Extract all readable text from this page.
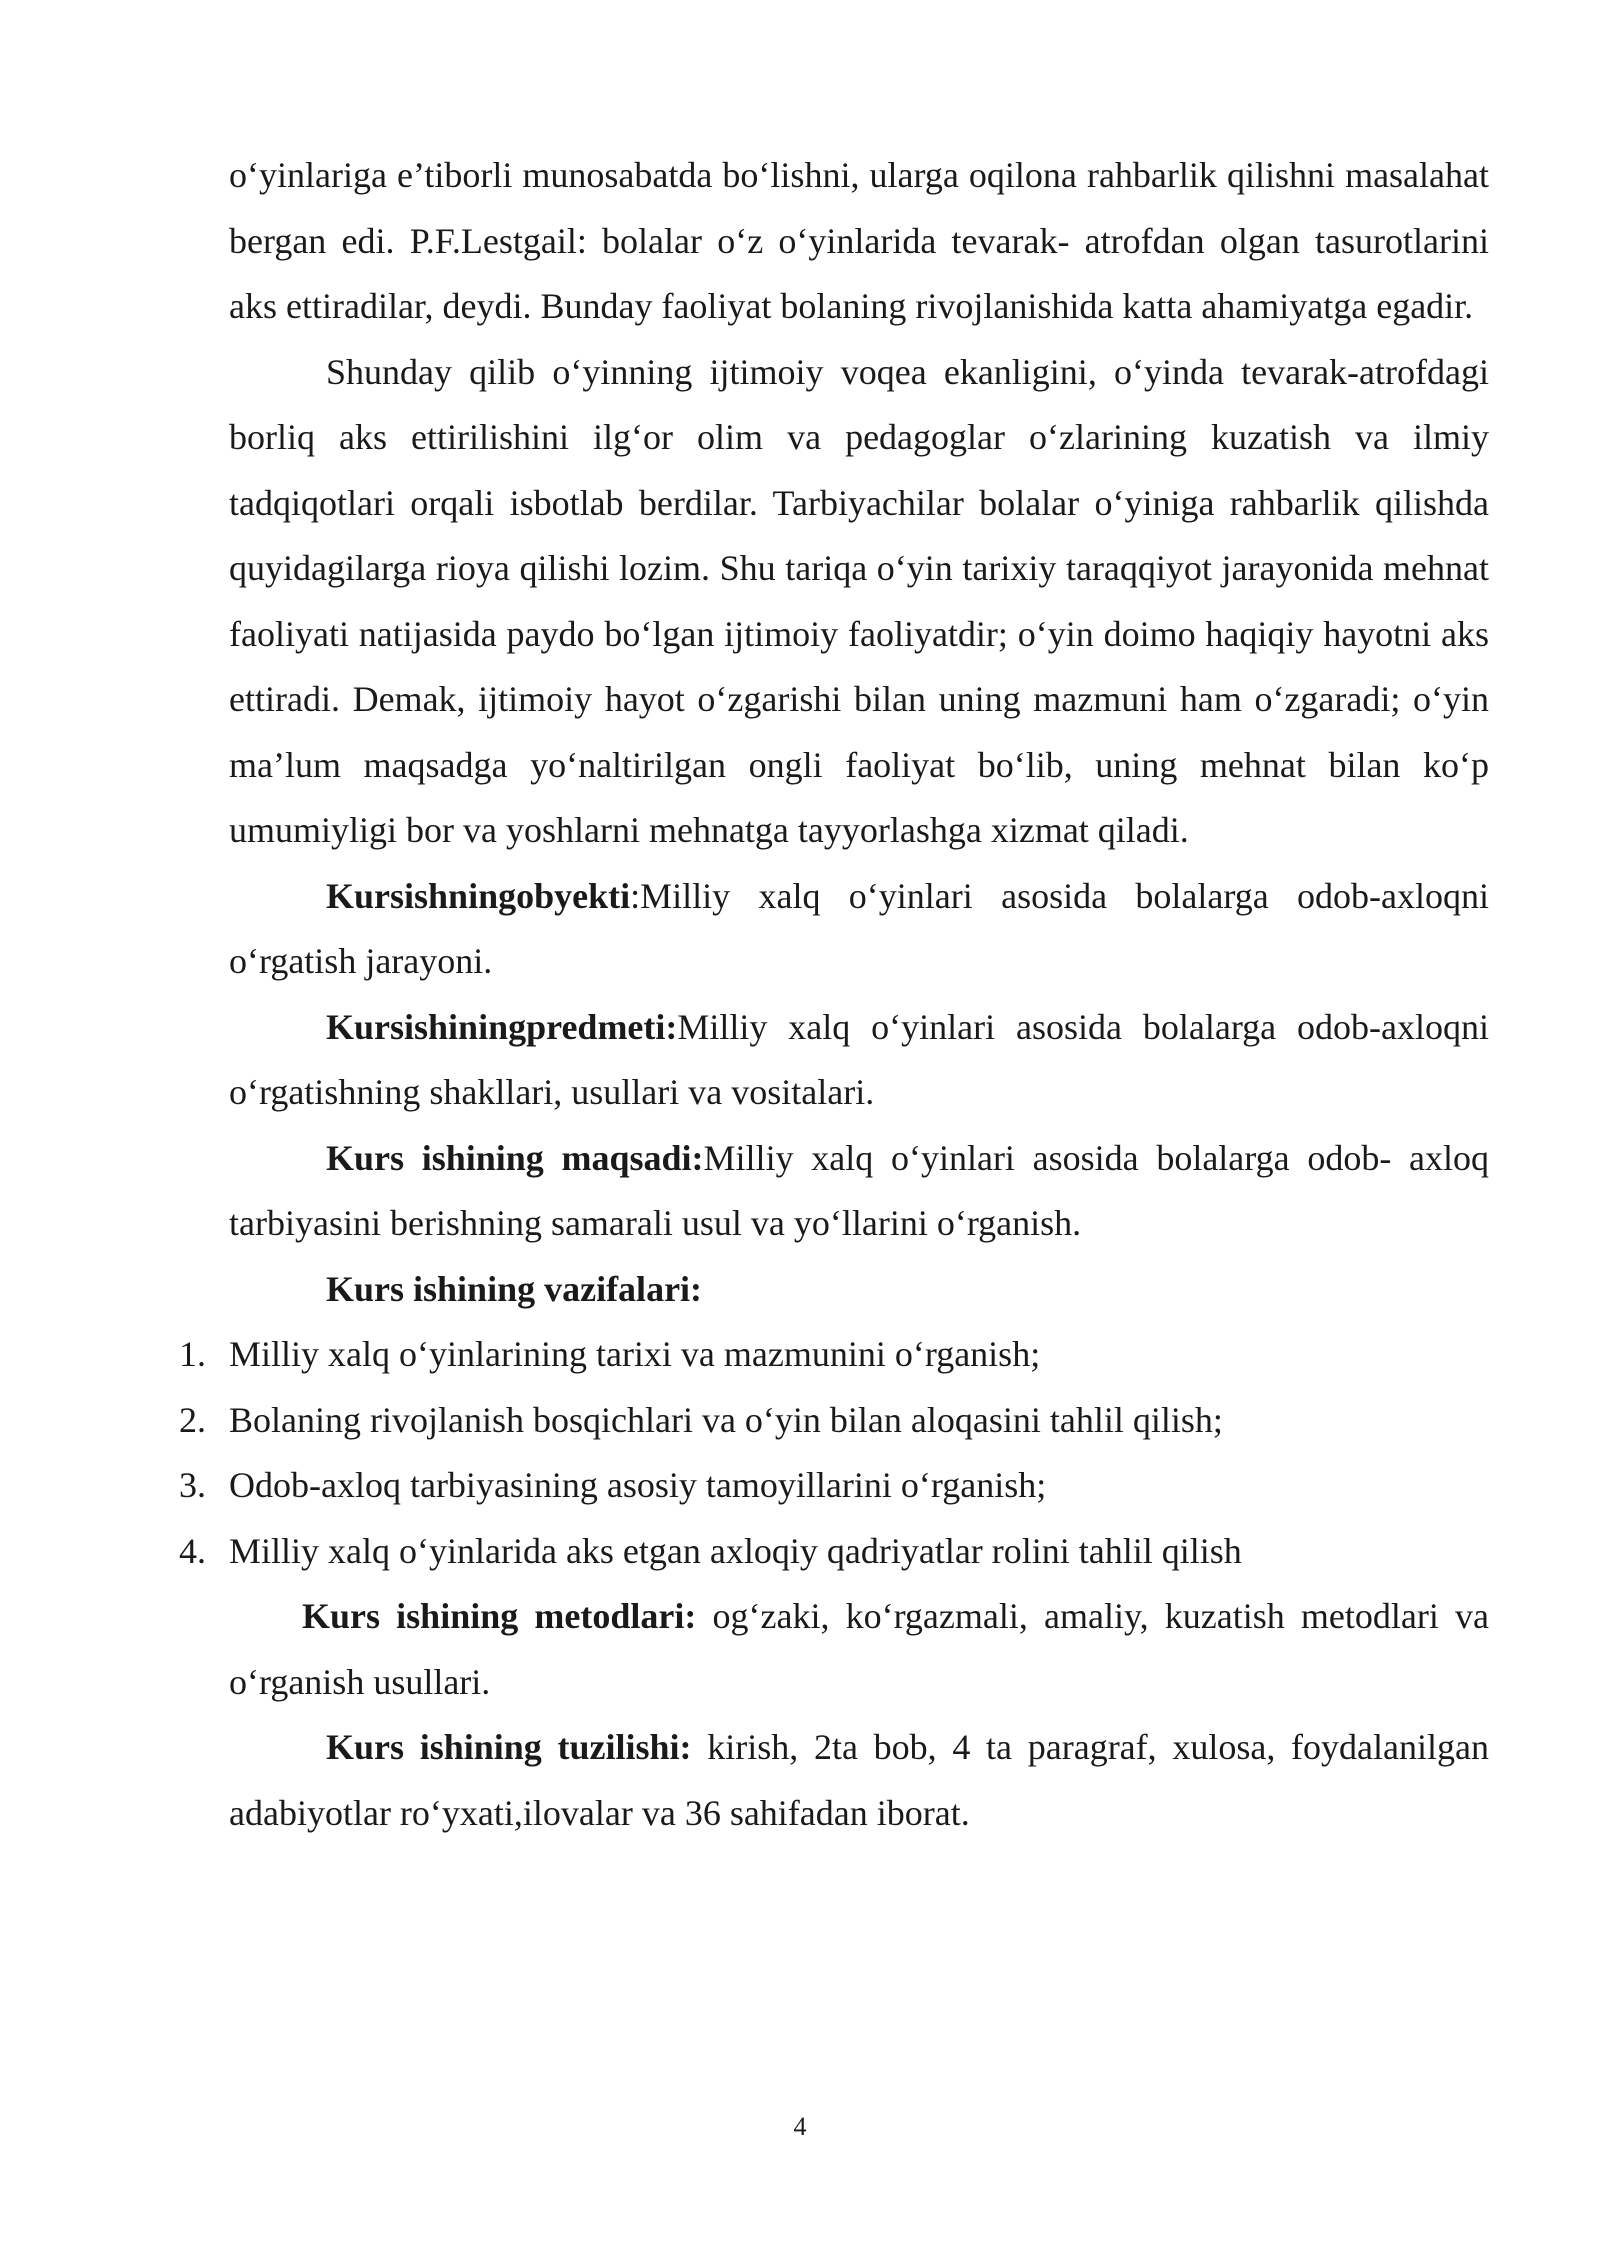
o‘yinlariga e’tiborli munosabatda bo‘lishni, ularga oqilona rahbarlik qilishni masalahat bergan edi. P.F.Lestgail: bolalar o‘z o‘yinlarida tevarak- atrofdan olgan tasurotlarini aks ettiradilar, deydi. Bunday faoliyat bolaning rivojlanishida katta ahamiyatga egadir.

Shunday qilib o‘yinning ijtimoiy voqea ekanligini, o‘yinda tevarak-atrofdagi borliq aks ettirilishini ilg‘or olim va pedagoglar o‘zlarining kuzatish va ilmiy tadqiqotlari orqali isbotlab berdilar. Tarbiyachilar bolalar o‘yiniga rahbarlik qilishda quyidagilarga rioya qilishi lozim. Shu tariqa o‘yin tarixiy taraqqiyot jarayonida mehnat faoliyati natijasida paydo bo‘lgan ijtimoiy faoliyatdir; o‘yin doimo haqiqiy hayotni aks ettiradi. Demak, ijtimoiy hayot o‘zgarishi bilan uning mazmuni ham o‘zgaradi; o‘yin ma’lum maqsadga yo‘naltirilgan ongli faoliyat bo‘lib, uning mehnat bilan ko‘p umumiyligi bor va yoshlarni mehnatga tayyorlashga xizmat qiladi.

Kursishningobyekti:Milliy xalq o‘yinlari asosida bolalarga odob-axloqni o‘rgatish jarayoni.

Kursishiningpredmeti:Milliy xalq o‘yinlari asosida bolalarga odob-axloqni o‘rgatishning shakllari, usullari va vositalari.

Kurs ishining maqsadi:Milliy xalq o‘yinlari asosida bolalarga odob- axloq tarbiyasini berishning samarali usul va yo‘llarini o‘rganish.

Kurs ishining vazifalari:

1. Milliy xalq o‘yinlarining tarixi va mazmunini o‘rganish;
2. Bolaning rivojlanish bosqichlari va o‘yin bilan aloqasini tahlil qilish;
3. Odob-axloq tarbiyasining asosiy tamoyillarini o‘rganish;
4. Milliy xalq o‘yinlarida aks etgan axloqiy qadriyatlar rolini tahlil qilish

Kurs ishining metodlari: og‘zaki, ko‘rgazmali, amaliy, kuzatish metodlari va o‘rganish usullari.

Kurs ishining tuzilishi: kirish, 2ta bob, 4 ta paragraf, xulosa, foydalanilgan adabiyotlar ro‘yxati,ilovalar va 36 sahifadan iborat.

4
